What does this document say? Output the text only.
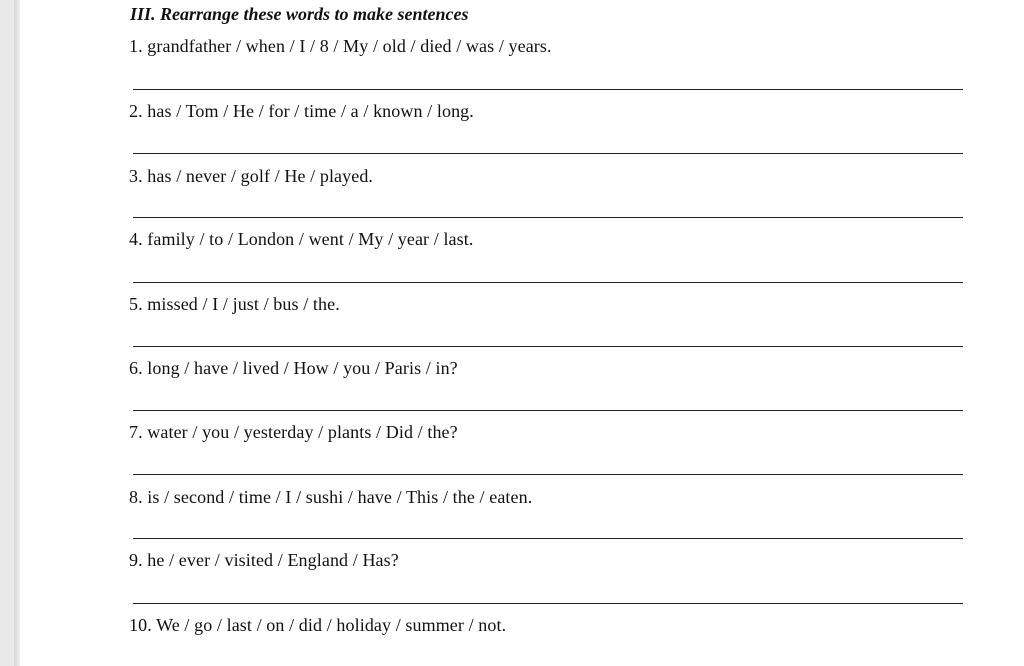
III. Rearrange these words to make sentences
1. grandfather / when / I / 8 / My / old / died / was / years.
2. has / Tom / He / for / time / a / known / long.
3. has / never / golf / He / played.
4. family / to / London / went / My / year / last.
5. missed / I / just / bus / the.
6. long / have / lived / How / you / Paris / in?
7. water / you / yesterday / plants / Did / the?
8. is / second / time / I / sushi / have / This / the / eaten.
9. he / ever / visited / England / Has?
10. We / go / last / on / did / holiday / summer / not.
